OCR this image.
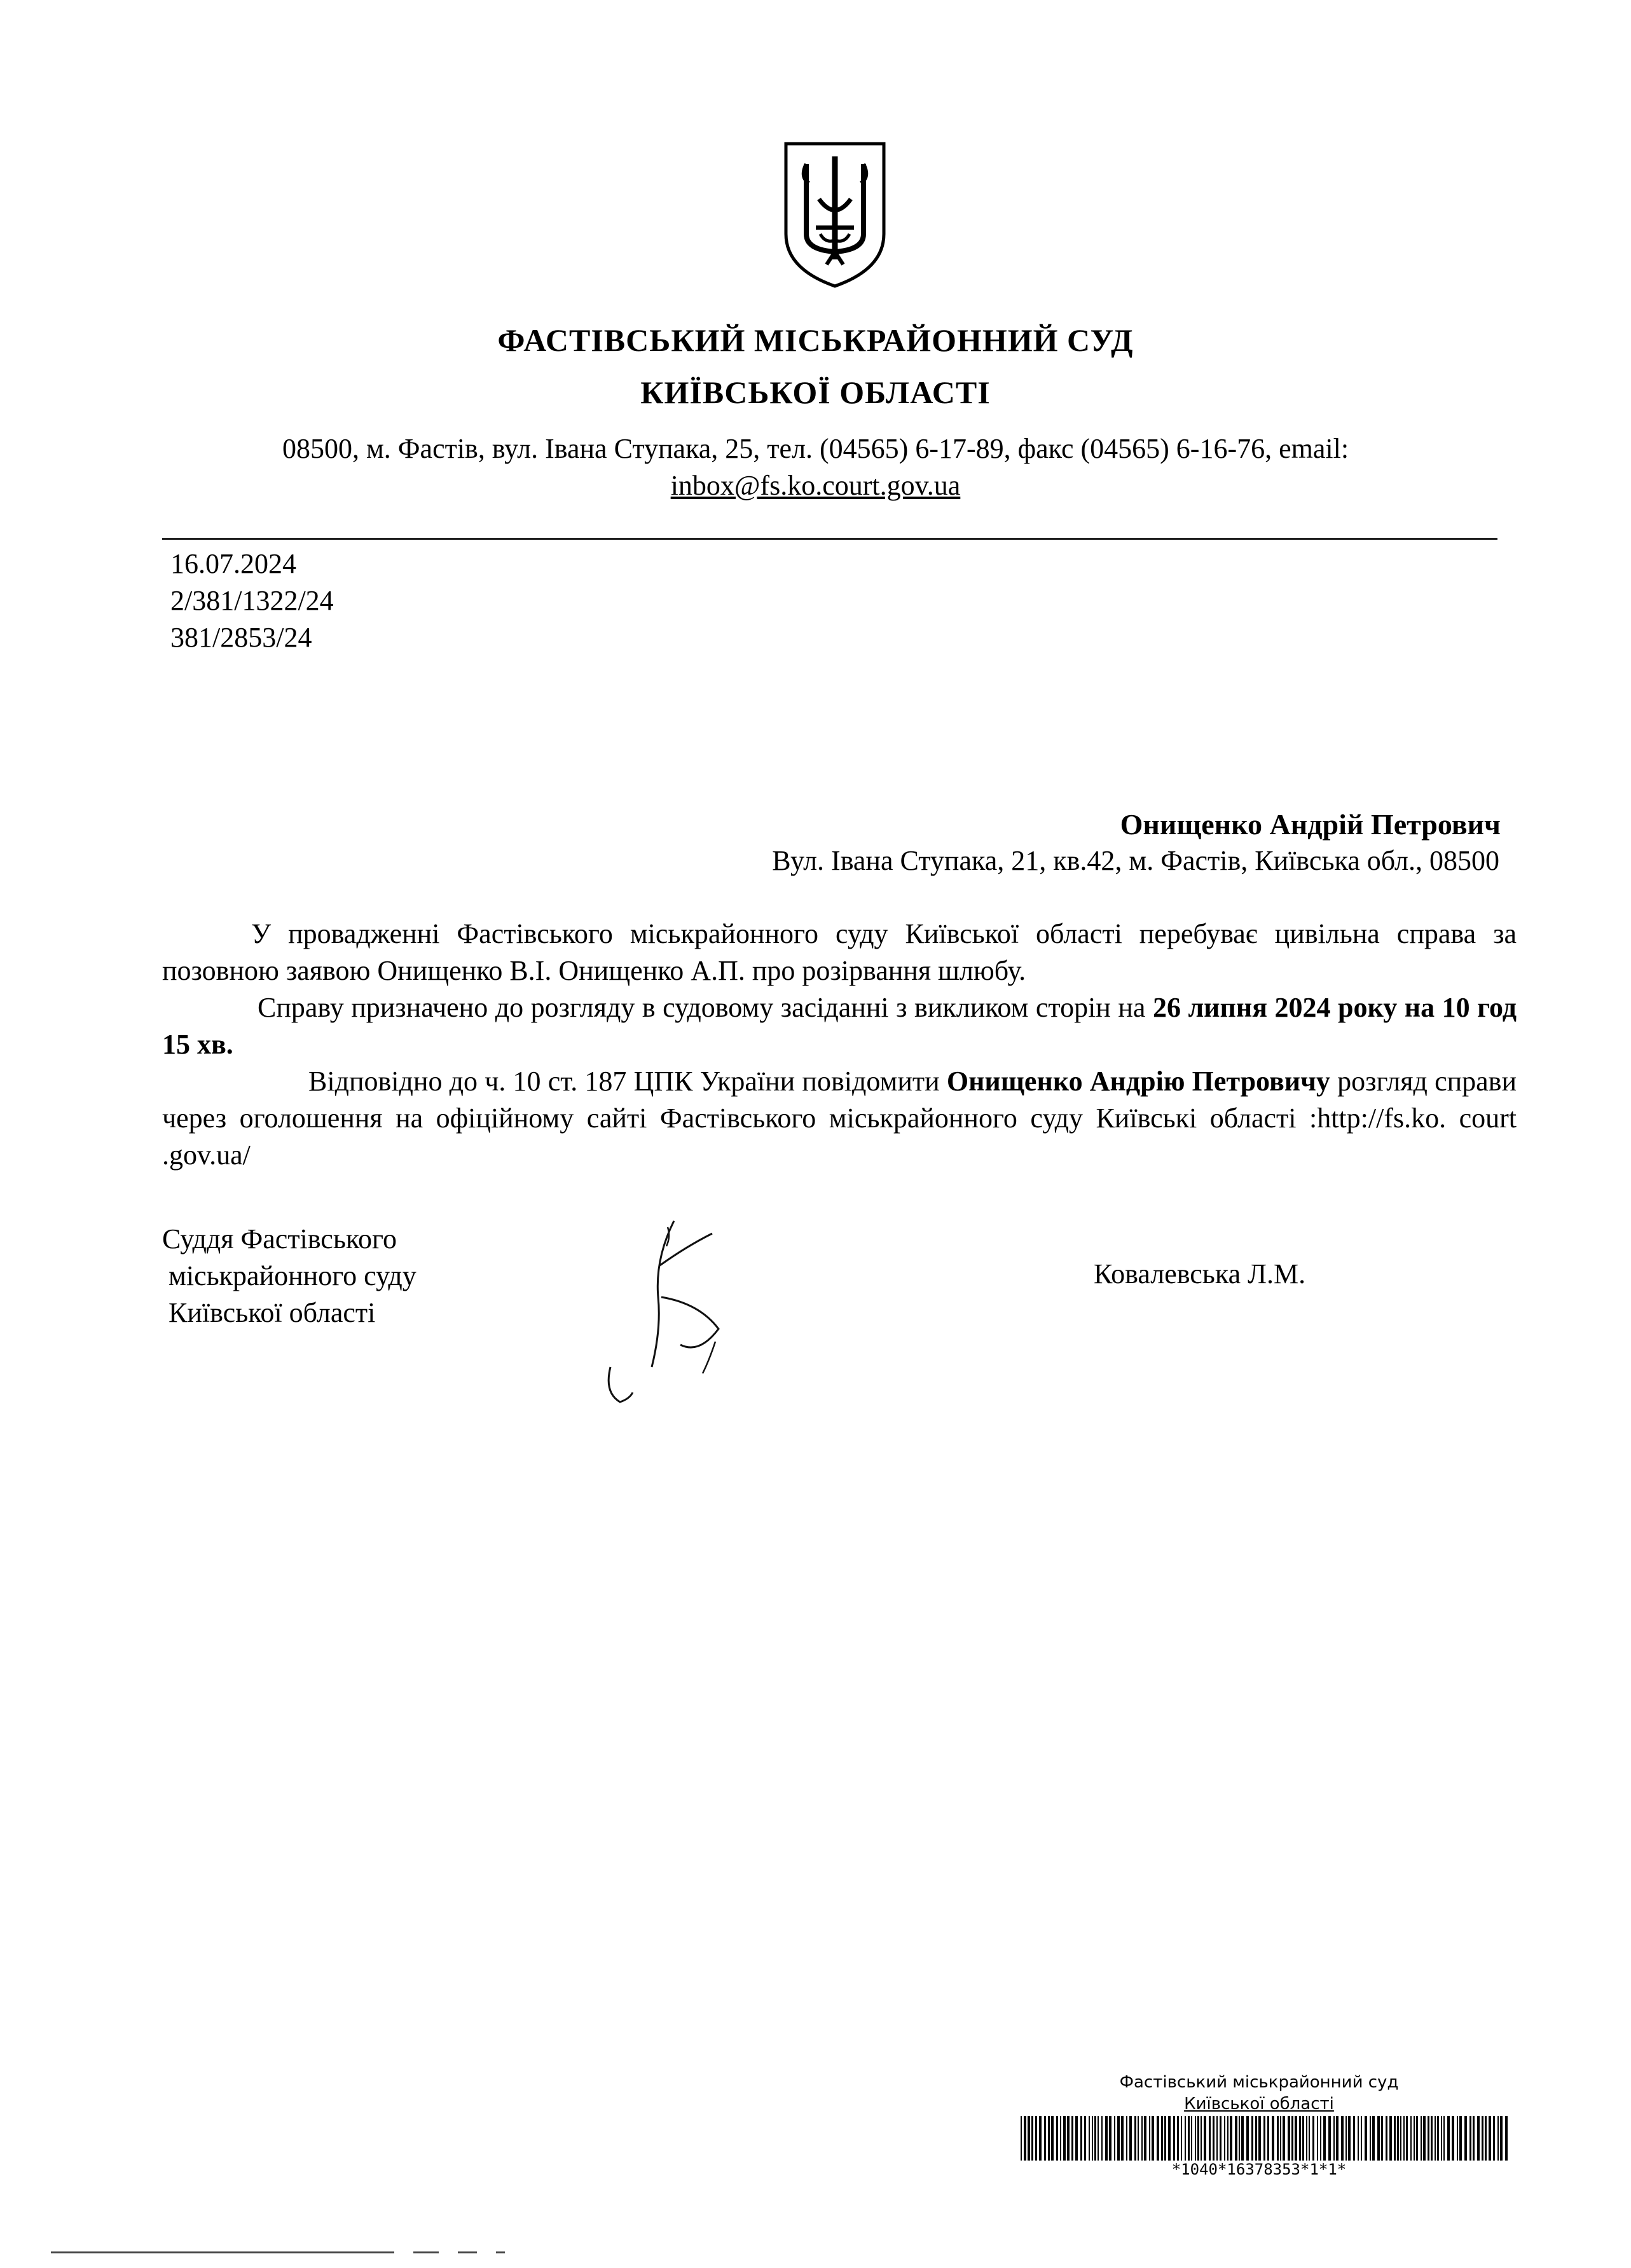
ФАСТІВСЬКИЙ МІСЬКРАЙОННИЙ СУД
КИЇВСЬКОЇ ОБЛАСТІ
08500, м. Фастів, вул. Івана Ступака, 25, тел. (04565) 6-17-89, факс (04565) 6-16-76, email:
inbox@fs.ko.court.gov.ua
16.07.2024
2/381/1322/24
381/2853/24
Онищенко Андрій Петрович
Вул. Івана Ступака, 21, кв.42, м. Фастів, Київська обл., 08500
У провадженні Фастівського міськрайонного суду Київської області перебуває цивільна справа за позовною заявою Онищенко В.І. Онищенко А.П. про розірвання шлюбу.
Справу призначено до розгляду в судовому засіданні з викликом сторін на 26 липня 2024 року на 10 год 15 хв.
Відповідно до ч. 10 ст. 187 ЦПК України повідомити Онищенко Андрію Петровичу розгляд справи через оголошення на офіційному сайті Фастівського міськрайонного суду Київські області :http://fs.ko. court .gov.ua/
Суддя Фастівського
міськрайонного суду
Київської області
Ковалевська Л.М.
Фастівський міськрайонний суд
Київської області
*1040*16378353*1*1*
